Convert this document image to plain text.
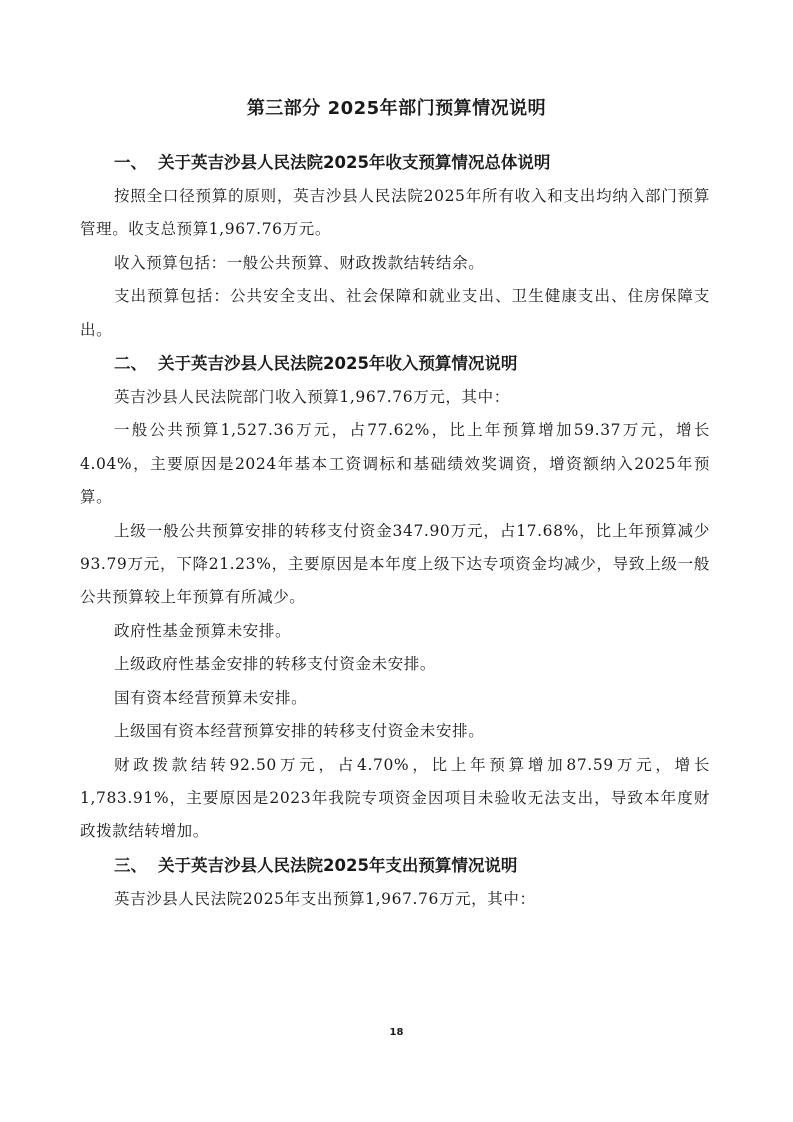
第三部分 2025年部门预算情况说明
一、 关于英吉沙县人民法院2025年收支预算情况总体说明

按照全口径预算的原则，英吉沙县人民法院2025年所有收入和支出均纳入部门预算管理。收支总预算1,967.76万元。

收入预算包括：一般公共预算、财政拨款结转结余。

支出预算包括：公共安全支出、社会保障和就业支出、卫生健康支出、住房保障支出。

二、 关于英吉沙县人民法院2025年收入预算情况说明

英吉沙县人民法院部门收入预算1,967.76万元，其中：

一般公共预算1,527.36万元，占77.62%，比上年预算增加59.37万元，增长4.04%，主要原因是2024年基本工资调标和基础绩效奖调资，增资额纳入2025年预算。

上级一般公共预算安排的转移支付资金347.90万元，占17.68%，比上年预算减少93.79万元，下降21.23%，主要原因是本年度上级下达专项资金均减少，导致上级一般公共预算较上年预算有所减少。

政府性基金预算未安排。

上级政府性基金安排的转移支付资金未安排。

国有资本经营预算未安排。

上级国有资本经营预算安排的转移支付资金未安排。

财政拨款结转92.50万元，占4.70%，比上年预算增加87.59万元，增长1,783.91%，主要原因是2023年我院专项资金因项目未验收无法支出，导致本年度财政拨款结转增加。

三、 关于英吉沙县人民法院2025年支出预算情况说明

英吉沙县人民法院2025年支出预算1,967.76万元，其中：

18
